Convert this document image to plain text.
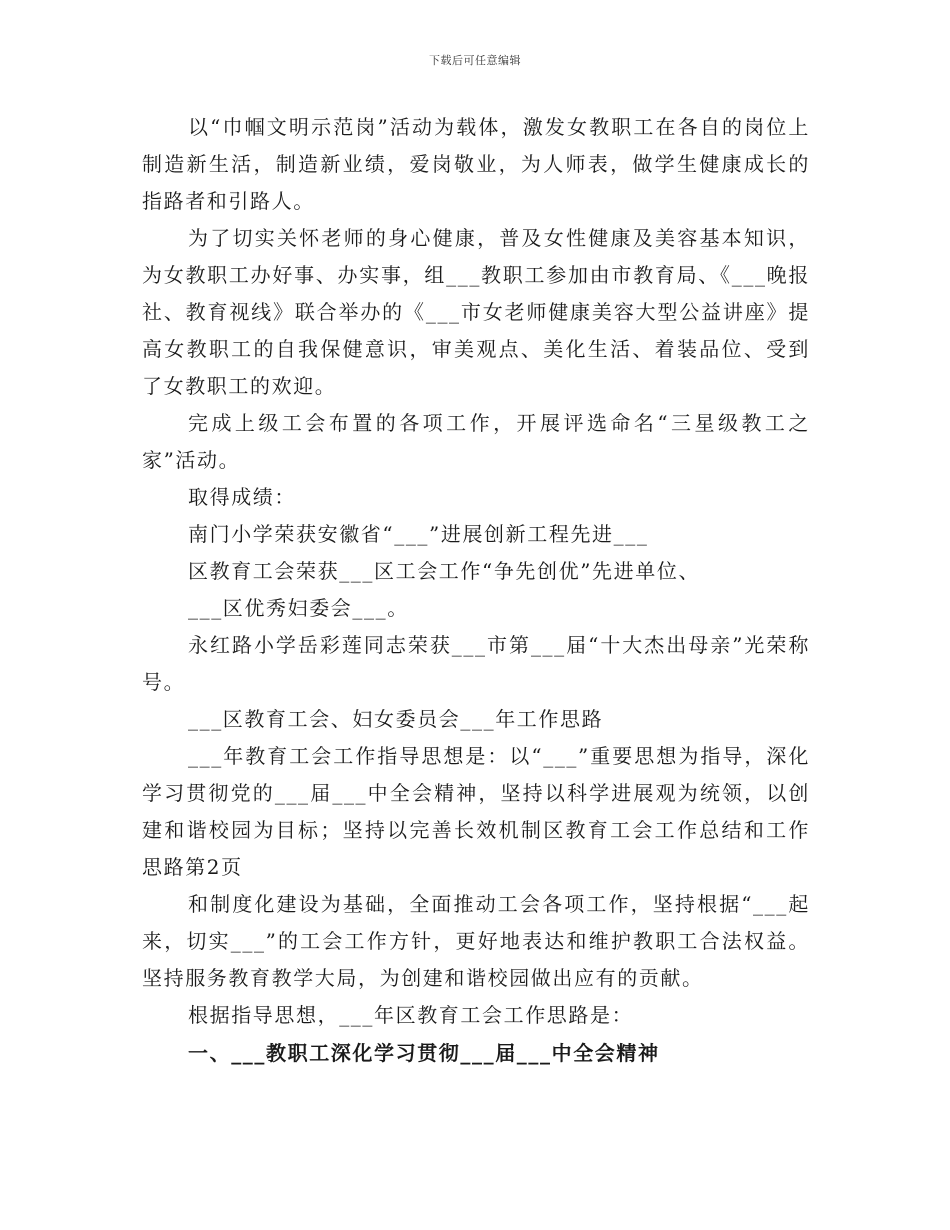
下载后可任意编辑

以“巾帼文明示范岗”活动为载体，激发女教职工在各自的岗位上制造新生活，制造新业绩，爱岗敬业，为人师表，做学生健康成长的指路者和引路人。

为了切实关怀老师的身心健康，普及女性健康及美容基本知识，为女教职工办好事、办实事，组___教职工参加由市教育局、《___晚报社、教育视线》联合举办的《___市女老师健康美容大型公益讲座》提高女教职工的自我保健意识，审美观点、美化生活、着装品位、受到了女教职工的欢迎。

完成上级工会布置的各项工作，开展评选命名“三星级教工之家”活动。

取得成绩：

南门小学荣获安徽省“___”进展创新工程先进___

区教育工会荣获___区工会工作“争先创优”先进单位、

___区优秀妇委会___。

永红路小学岳彩莲同志荣获___市第___届“十大杰出母亲”光荣称号。

___区教育工会、妇女委员会___年工作思路

___年教育工会工作指导思想是：以“___”重要思想为指导，深化学习贯彻党的___届___中全会精神，坚持以科学进展观为统领，以创建和谐校园为目标；坚持以完善长效机制区教育工会工作总结和工作思路第2页

和制度化建设为基础，全面推动工会各项工作，坚持根据“___起来，切实___”的工会工作方针，更好地表达和维护教职工合法权益。坚持服务教育教学大局，为创建和谐校园做出应有的贡献。

根据指导思想，___年区教育工会工作思路是：

一、___教职工深化学习贯彻___届___中全会精神
